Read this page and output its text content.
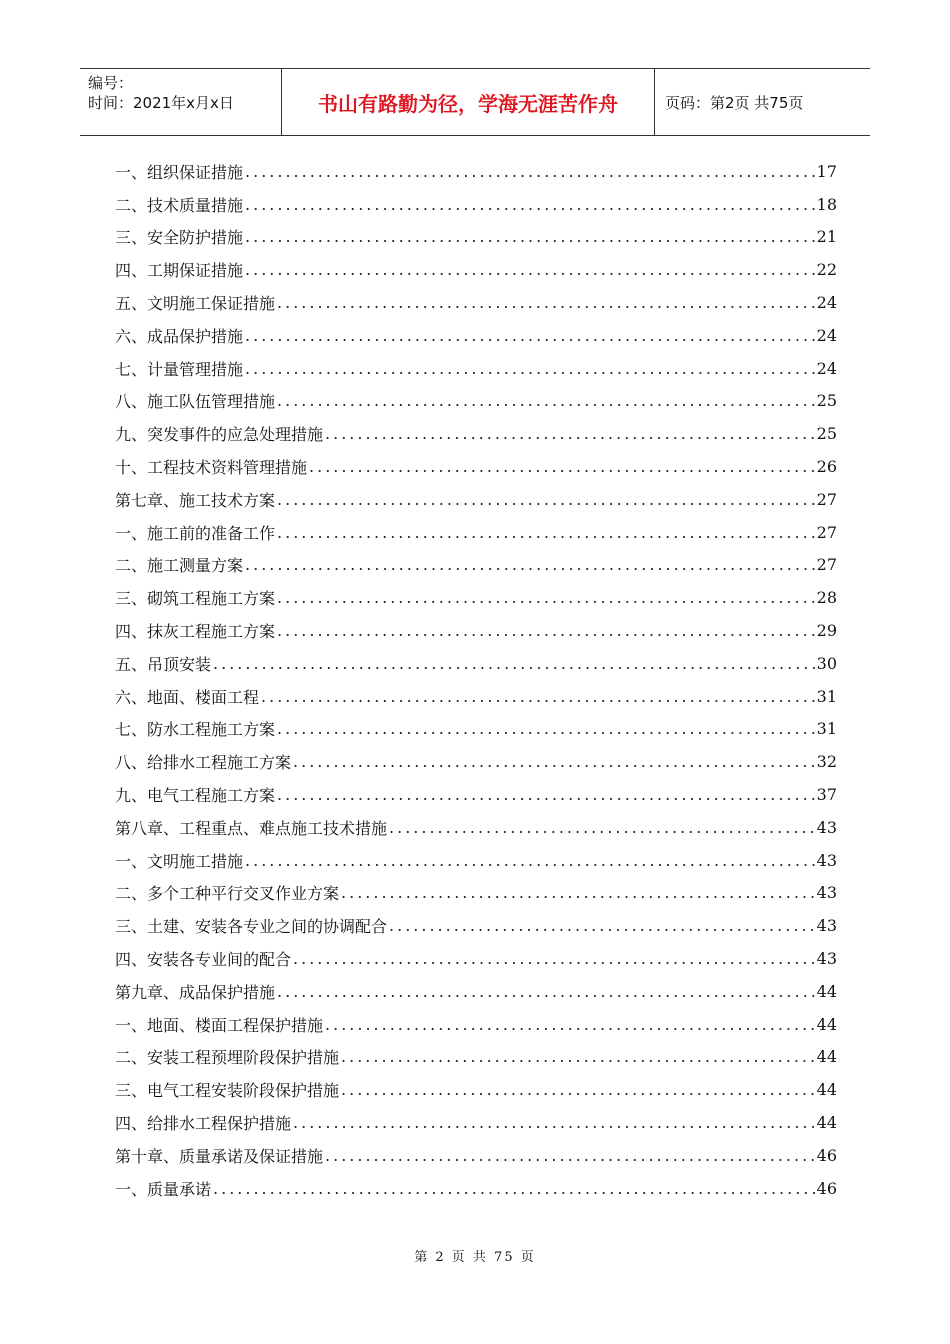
编号：
时间：2021年x月x日	书山有路勤为径，学海无涯苦作舟	页码：第2页 共75页
一、组织保证措施 .....	17
二、技术质量措施 .....	18
三、安全防护措施 .....	21
四、工期保证措施 .....	22
五、文明施工保证措施 .....	24
六、成品保护措施 .....	24
七、计量管理措施 .....	24
八、施工队伍管理措施 .....	25
九、突发事件的应急处理措施 .....	25
十、工程技术资料管理措施 .....	26
第七章、施工技术方案 .....	27
一、施工前的准备工作 .....	27
二、施工测量方案 .....	27
三、砌筑工程施工方案 .....	28
四、抹灰工程施工方案 .....	29
五、吊顶安装 .....	30
六、地面、楼面工程 .....	31
七、防水工程施工方案 .....	31
八、给排水工程施工方案 .....	32
九、电气工程施工方案 .....	37
第八章、工程重点、难点施工技术措施 .....	43
一、文明施工措施 .....	43
二、多个工种平行交叉作业方案 .....	43
三、土建、安装各专业之间的协调配合 .....	43
四、安装各专业间的配合 .....	43
第九章、成品保护措施 .....	44
一、地面、楼面工程保护措施 .....	44
二、安装工程预埋阶段保护措施 .....	44
三、电气工程安装阶段保护措施 .....	44
四、给排水工程保护措施 .....	44
第十章、质量承诺及保证措施 .....	46
一、质量承诺 .....	46
第 2 页 共 75 页
